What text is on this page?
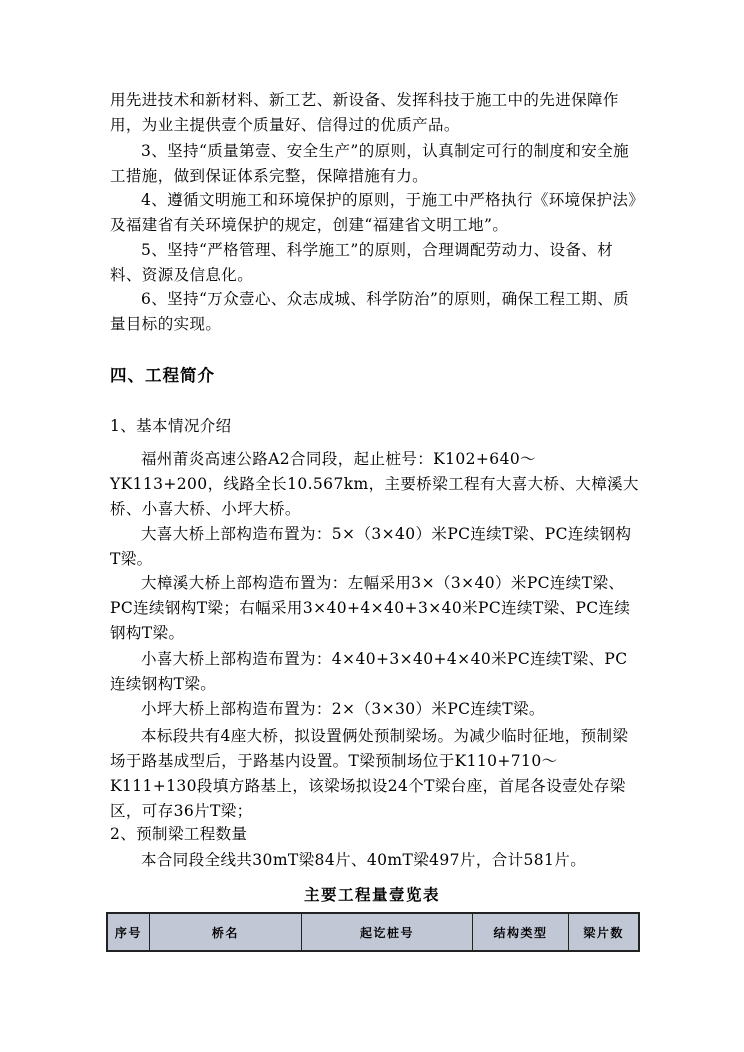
用先进技术和新材料、新工艺、新设备、发挥科技于施工中的先进保障作用，为业主提供壹个质量好、信得过的优质产品。

3、坚持“质量第壹、安全生产”的原则，认真制定可行的制度和安全施工措施，做到保证体系完整，保障措施有力。

4、遵循文明施工和环境保护的原则，于施工中严格执行《环境保护法》及福建省有关环境保护的规定，创建“福建省文明工地”。

5、坚持“严格管理、科学施工”的原则，合理调配劳动力、设备、材料、资源及信息化。

6、坚持“万众壹心、众志成城、科学防治”的原则，确保工程工期、质量目标的实现。

四、工程简介

1、基本情况介绍

福州莆炎高速公路A2合同段，起止桩号：K102+640～YK113+200，线路全长10.567km，主要桥梁工程有大喜大桥、大樟溪大桥、小喜大桥、小坪大桥。

大喜大桥上部构造布置为：5×（3×40）米PC连续T梁、PC连续钢构T梁。

大樟溪大桥上部构造布置为：左幅采用3×（3×40）米PC连续T梁、PC连续钢构T梁；右幅采用3×40+4×40+3×40米PC连续T梁、PC连续钢构T梁。

小喜大桥上部构造布置为：4×40+3×40+4×40米PC连续T梁、PC连续钢构T梁。

小坪大桥上部构造布置为：2×（3×30）米PC连续T梁。

本标段共有4座大桥，拟设置俩处预制梁场。为减少临时征地，预制梁场于路基成型后，于路基内设置。T梁预制场位于K110+710～K111+130段填方路基上，该梁场拟设24个T梁台座，首尾各设壹处存梁区，可存36片T梁；

2、预制梁工程数量

本合同段全线共30mT梁84片、40mT梁497片，合计581片。

主要工程量壹览表

序号	桥名	起讫桩号	结构类型	梁片数
